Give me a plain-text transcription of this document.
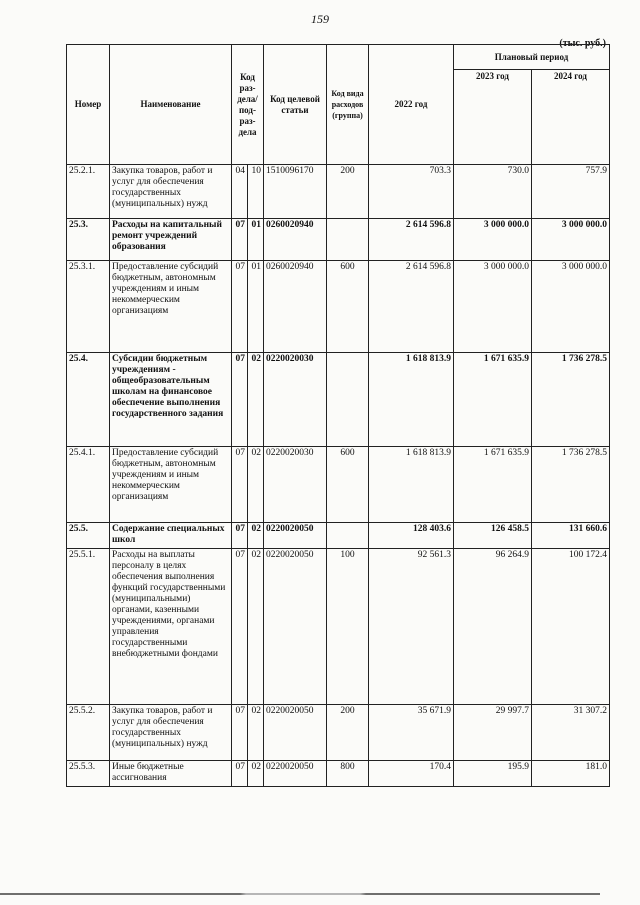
159
(тыс. руб.)
Номер	Наименование	Код раз-дела/ под-раз-дела		Код целевой статьи	Код вида расходов (группа)	2022 год	Плановый период	
							2023 год	2024 год
25.2.1.	Закупка товаров, работ и услуг для обеспечения государственных (муниципальных) нужд	04	10	1510096170	200	703.3	730.0	757.9
25.3.	Расходы на капитальный ремонт учреждений образования	07	01	0260020940		2 614 596.8	3 000 000.0	3 000 000.0
25.3.1.	Предоставление субсидий бюджетным, автономным учреждениям и иным некоммерческим организациям	07	01	0260020940	600	2 614 596.8	3 000 000.0	3 000 000.0
25.4.	Субсидии бюджетным учреждениям - общеобразовательным школам на финансовое обеспечение выполнения государственного задания	07	02	0220020030		1 618 813.9	1 671 635.9	1 736 278.5
25.4.1.	Предоставление субсидий бюджетным, автономным учреждениям и иным некоммерческим организациям	07	02	0220020030	600	1 618 813.9	1 671 635.9	1 736 278.5
25.5.	Содержание специальных школ	07	02	0220020050		128 403.6	126 458.5	131 660.6
25.5.1.	Расходы на выплаты персоналу в целях обеспечения выполнения функций государственными (муниципальными) органами, казенными учреждениями, органами управления государственными внебюджетными фондами	07	02	0220020050	100	92 561.3	96 264.9	100 172.4
25.5.2.	Закупка товаров, работ и услуг для обеспечения государственных (муниципальных) нужд	07	02	0220020050	200	35 671.9	29 997.7	31 307.2
25.5.3.	Иные бюджетные ассигнования	07	02	0220020050	800	170.4	195.9	181.0
